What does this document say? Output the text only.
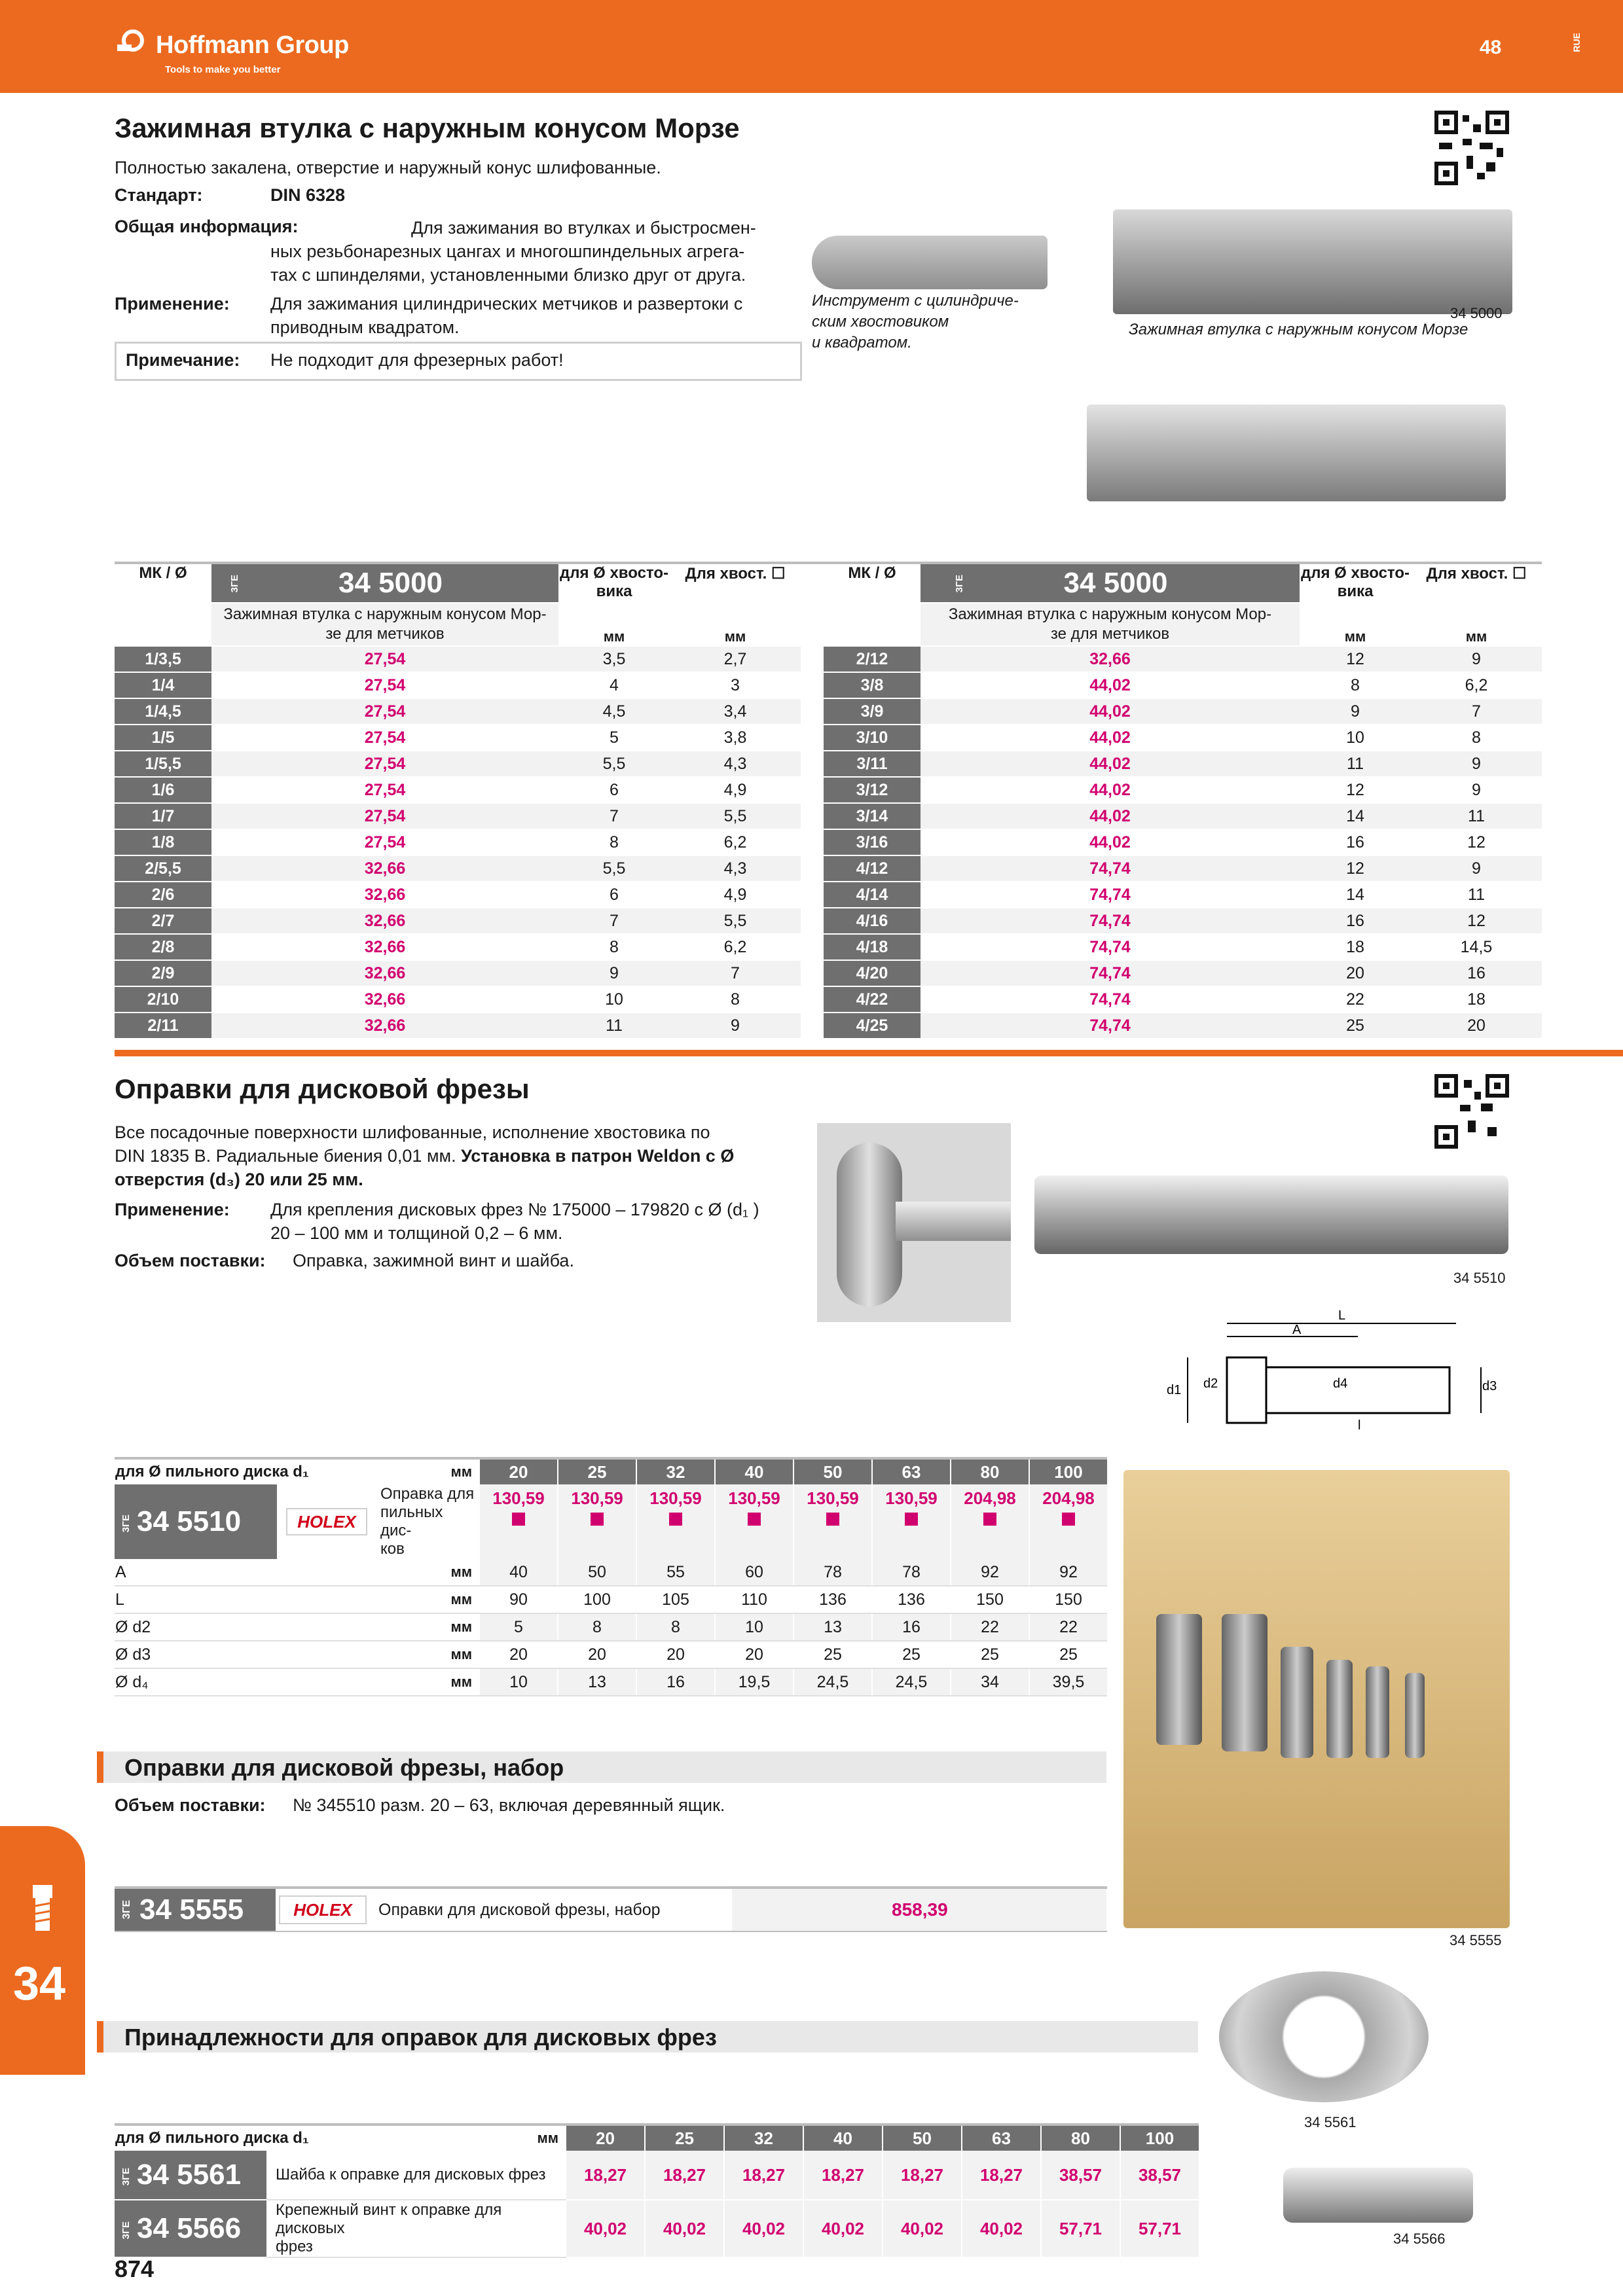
Hoffmann Group
Tools to make you better
48	RUE
Зажимная втулка с наружным конусом Морзе
Полностью закалена, отверстие и наружный конус шлифованные.
Стандарт:	DIN 6328
Общая информация:	Для зажимания во втулках и быстросмен-
ных резьбонарезных цангах и многошпиндельных агрега-
тах с шпинделями, установленными близко друг от друга.
Применение: Для зажимания цилиндрических метчиков и развертоки с
приводным квадратом.
Примечание: Не подходит для фрезерных работ!
Инструмент с цилиндриче-
ским хвостовиком
и квадратом.
34 5000
Зажимная втулка с наружным конусом Морзе
МК / Ø	3ΓΕ 34 5000	для Ø хвосто-
вика	Для хвост. ☐

	Зажимная втулка с наружным конусом Мор-
зе для метчиков	мм	мм
1/3,5	27,54	3,5	2,7
1/4	27,54	4	3
1/4,5	27,54	4,5	3,4
1/5	27,54	5	3,8
1/5,5	27,54	5,5	4,3
1/6	27,54	6	4,9
1/7	27,54	7	5,5
1/8	27,54	8	6,2
2/5,5	32,66	5,5	4,3
2/6	32,66	6	4,9
2/7	32,66	7	5,5
2/8	32,66	8	6,2
2/9	32,66	9	7
2/10	32,66	10	8
2/11	32,66	11	9
МК / Ø	3ΓΕ 34 5000	для Ø хвосто-
вика	Для хвост. ☐

	Зажимная втулка с наружным конусом Мор-
зе для метчиков	мм	мм
2/12	32,66	12	9
3/8	44,02	8	6,2
3/9	44,02	9	7
3/10	44,02	10	8
3/11	44,02	11	9
3/12	44,02	12	9
3/14	44,02	14	11
3/16	44,02	16	12
4/12	74,74	12	9
4/14	74,74	14	11
4/16	74,74	16	12
4/18	74,74	18	14,5
4/20	74,74	20	16
4/22	74,74	22	18
4/25	74,74	25	20
Оправки для дисковой фрезы
Все посадочные поверхности шлифованные, исполнение хвостовика по
DIN 1835 B. Радиальные биения 0,01 мм. Установка в патрон Weldon с Ø
отверстия (d₃) 20 или 25 мм.
Применение: Для крепления дисковых фрез № 175000 – 179820 с Ø (d₁ )
20 – 100 мм и толщиной 0,2 – 6 мм.
Объем поставки: Оправка, зажимной винт и шайба.
34 5510
L
A
d1 d2	d3
d4
l
для Ø пильного диска d₁		мм	20	25	32	40	50	63	80	100
3ΓΕ 34 5510	HOLEX	Оправка для пильных дис-
ков	130,59	130,59	130,59	130,59	130,59	130,59	204,98	204,98

A		мм	40	50	55	60	78	78	92	92
L		мм	90	100	105	110	136	136	150	150
Ø d2		мм	5	8	8	10	13	16	22	22
Ø d3		мм	20	20	20	20	25	25	25	25
Ø d₄		мм	10	13	16	19,5	24,5	24,5	34	39,5
Оправки для дисковой фрезы, набор
Объем поставки: № 345510 разм. 20 – 63, включая деревянный ящик.
3ΓΕ 34 5555	HOLEX	Оправки для дисковой фрезы, набор	858,39
34 5555
Принадлежности для оправок для дисковых фрез
для Ø пильного диска d₁		мм	20	25	32	40	50	63	80	100
3ΓΕ 34 5561	Шайба к оправке для дисковых фрез		18,27	18,27	18,27	18,27	18,27	18,27	38,57	38,57
3ΓΕ 34 5566	Крепежный винт к оправке для дисковых
фрез		40,02	40,02	40,02	40,02	40,02	40,02	57,71	57,71
34 5561
34 5566
34
874
